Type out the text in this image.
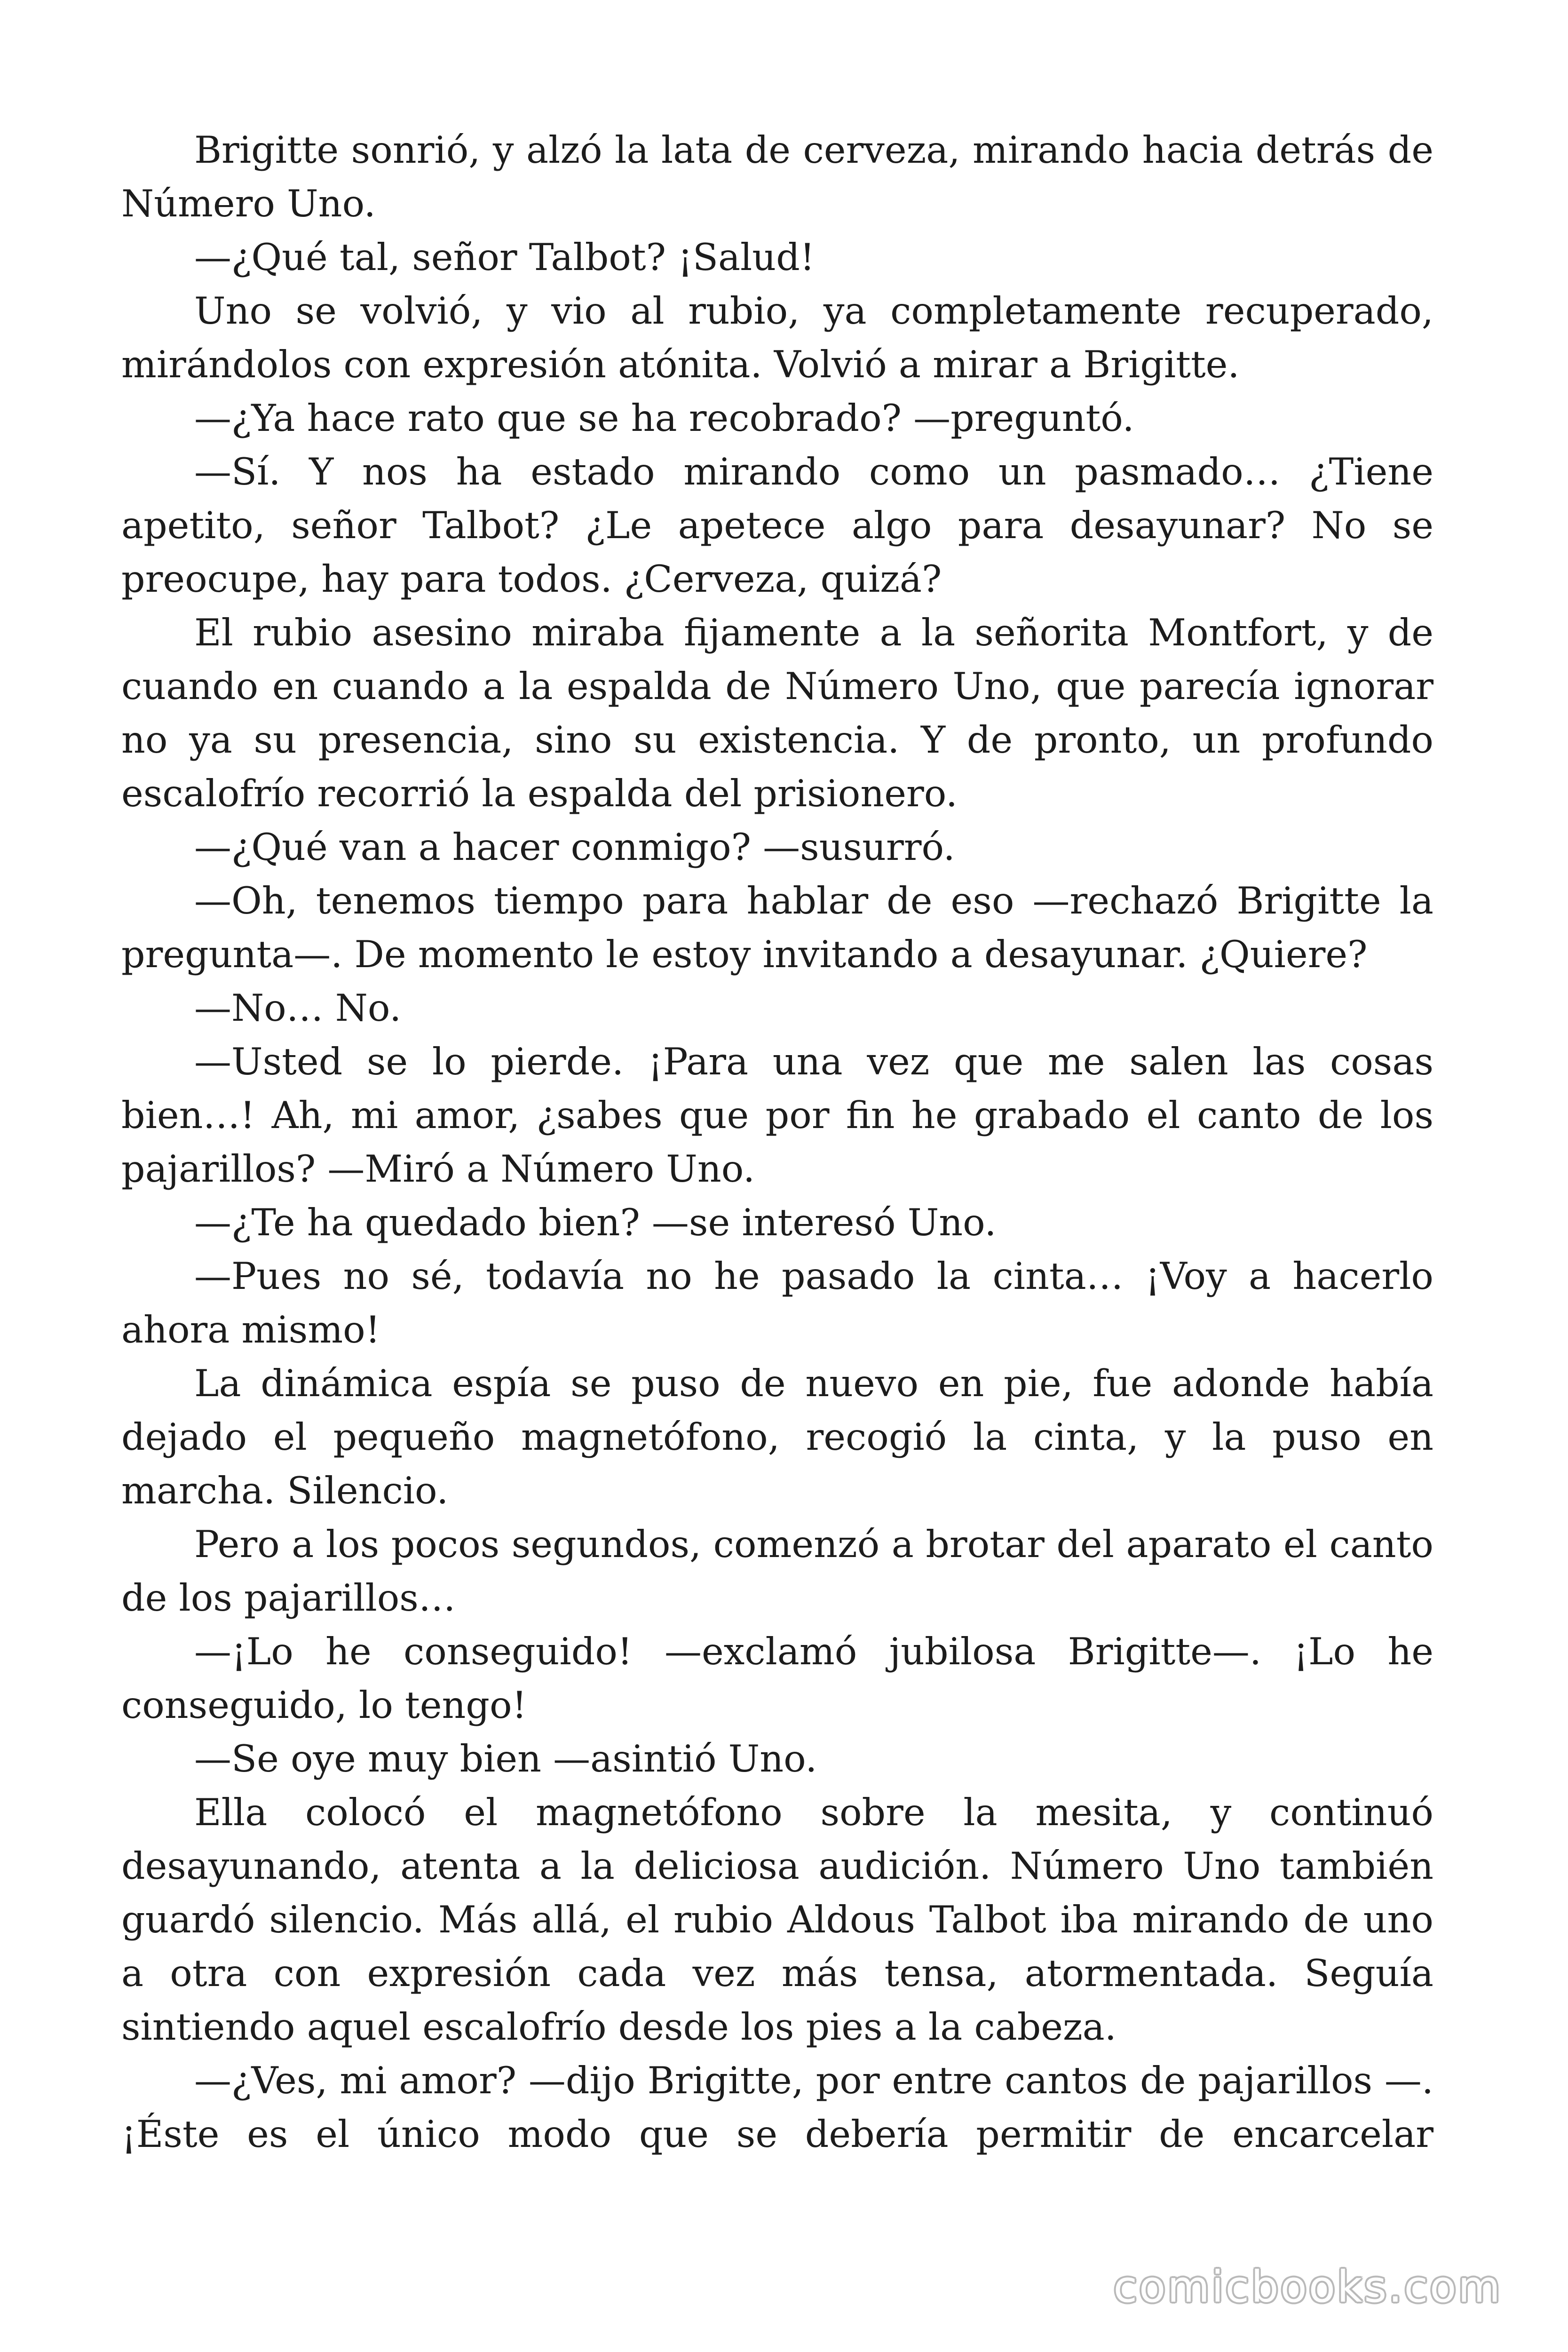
Brigitte sonrió, y alzó la lata de cerveza, mirando hacia detrás de Número Uno.

—¿Qué tal, señor Talbot? ¡Salud!

Uno se volvió, y vio al rubio, ya completamente recuperado, mirándolos con expresión atónita. Volvió a mirar a Brigitte.

—¿Ya hace rato que se ha recobrado? —preguntó.

—Sí. Y nos ha estado mirando como un pasmado… ¿Tiene apetito, señor Talbot? ¿Le apetece algo para desayunar? No se preocupe, hay para todos. ¿Cerveza, quizá?

El rubio asesino miraba fijamente a la señorita Montfort, y de cuando en cuando a la espalda de Número Uno, que parecía ignorar no ya su presencia, sino su existencia. Y de pronto, un profundo escalofrío recorrió la espalda del prisionero.

—¿Qué van a hacer conmigo? —susurró.

—Oh, tenemos tiempo para hablar de eso —rechazó Brigitte la pregunta—. De momento le estoy invitando a desayunar. ¿Quiere?

—No… No.

—Usted se lo pierde. ¡Para una vez que me salen las cosas bien…! Ah, mi amor, ¿sabes que por fin he grabado el canto de los pajarillos? —Miró a Número Uno.

—¿Te ha quedado bien? —se interesó Uno.

—Pues no sé, todavía no he pasado la cinta… ¡Voy a hacerlo ahora mismo!

La dinámica espía se puso de nuevo en pie, fue adonde había dejado el pequeño magnetófono, recogió la cinta, y la puso en marcha. Silencio.

Pero a los pocos segundos, comenzó a brotar del aparato el canto de los pajarillos…

—¡Lo he conseguido! —exclamó jubilosa Brigitte—. ¡Lo he conseguido, lo tengo!

—Se oye muy bien —asintió Uno.

Ella colocó el magnetófono sobre la mesita, y continuó desayunando, atenta a la deliciosa audición. Número Uno también guardó silencio. Más allá, el rubio Aldous Talbot iba mirando de uno a otra con expresión cada vez más tensa, atormentada. Seguía sintiendo aquel escalofrío desde los pies a la cabeza.

—¿Ves, mi amor? —dijo Brigitte, por entre cantos de pajarillos —. ¡Éste es el único modo que se debería permitir de encarcelar

comicbooks.com
